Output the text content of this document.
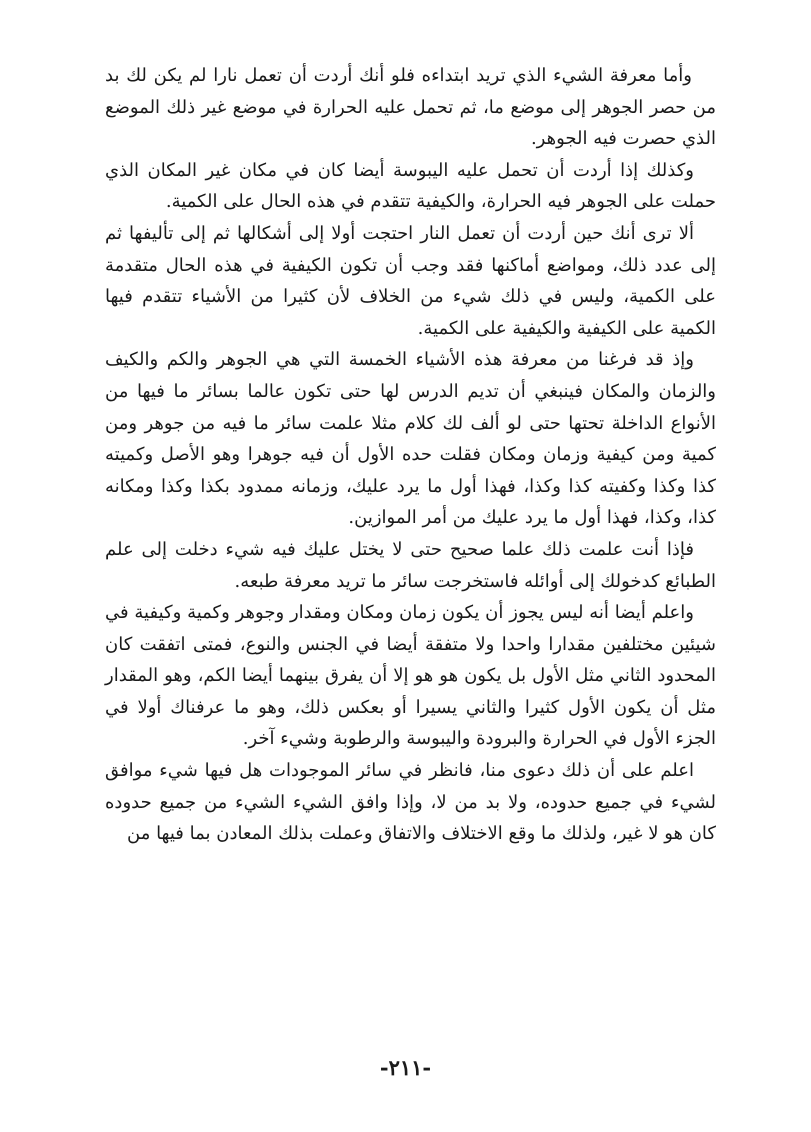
وأما معرفة الشيء الذي تريد ابتداءه فلو أنك أردت أن تعمل نارا لم يكن لك بد من حصر الجوهر إلى موضع ما، ثم تحمل عليه الحرارة في موضع غير ذلك الموضع الذي حصرت فيه الجوهر.

وكذلك إذا أردت أن تحمل عليه اليبوسة أيضا كان في مكان غير المكان الذي حملت على الجوهر فيه الحرارة، والكيفية تتقدم في هذه الحال على الكمية.

ألا ترى أنك حين أردت أن تعمل النار احتجت أولا إلى أشكالها ثم إلى تأليفها ثم إلى عدد ذلك، ومواضع أماكنها فقد وجب أن تكون الكيفية في هذه الحال متقدمة على الكمية، وليس في ذلك شيء من الخلاف لأن كثيرا من الأشياء تتقدم فيها الكمية على الكيفية والكيفية على الكمية.

وإذ قد فرغنا من معرفة هذه الأشياء الخمسة التي هي الجوهر والكم والكيف والزمان والمكان فينبغي أن تديم الدرس لها حتى تكون عالما بسائر ما فيها من الأنواع الداخلة تحتها حتى لو ألف لك كلام مثلا علمت سائر ما فيه من جوهر ومن كمية ومن كيفية وزمان ومكان فقلت حده الأول أن فيه جوهرا وهو الأصل وكميته كذا وكذا وكفيته كذا وكذا، فهذا أول ما يرد عليك، وزمانه ممدود بكذا وكذا ومكانه كذا، وكذا، فهذا أول ما يرد عليك من أمر الموازين.

فإذا أنت علمت ذلك علما صحيح حتى لا يختل عليك فيه شيء دخلت إلى علم الطبائع كدخولك إلى أوائله فاستخرجت سائر ما تريد معرفة طبعه.

واعلم أيضا أنه ليس يجوز أن يكون زمان ومكان ومقدار وجوهر وكمية وكيفية في شيئين مختلفين مقدارا واحدا ولا متفقة أيضا في الجنس والنوع، فمتى اتفقت كان المحدود الثاني مثل الأول بل يكون هو هو إلا أن يفرق بينهما أيضا الكم، وهو المقدار مثل أن يكون الأول كثيرا والثاني يسيرا أو بعكس ذلك، وهو ما عرفناك أولا في الجزء الأول في الحرارة والبرودة واليبوسة والرطوبة وشيء آخر.

اعلم على أن ذلك دعوى منا، فانظر في سائر الموجودات هل فيها شيء موافق لشيء في جميع حدوده، ولا بد من لا، وإذا وافق الشيء الشيء من جميع حدوده كان هو لا غير، ولذلك ما وقع الاختلاف والاتفاق وعملت بذلك المعادن بما فيها من

-٢١١-
